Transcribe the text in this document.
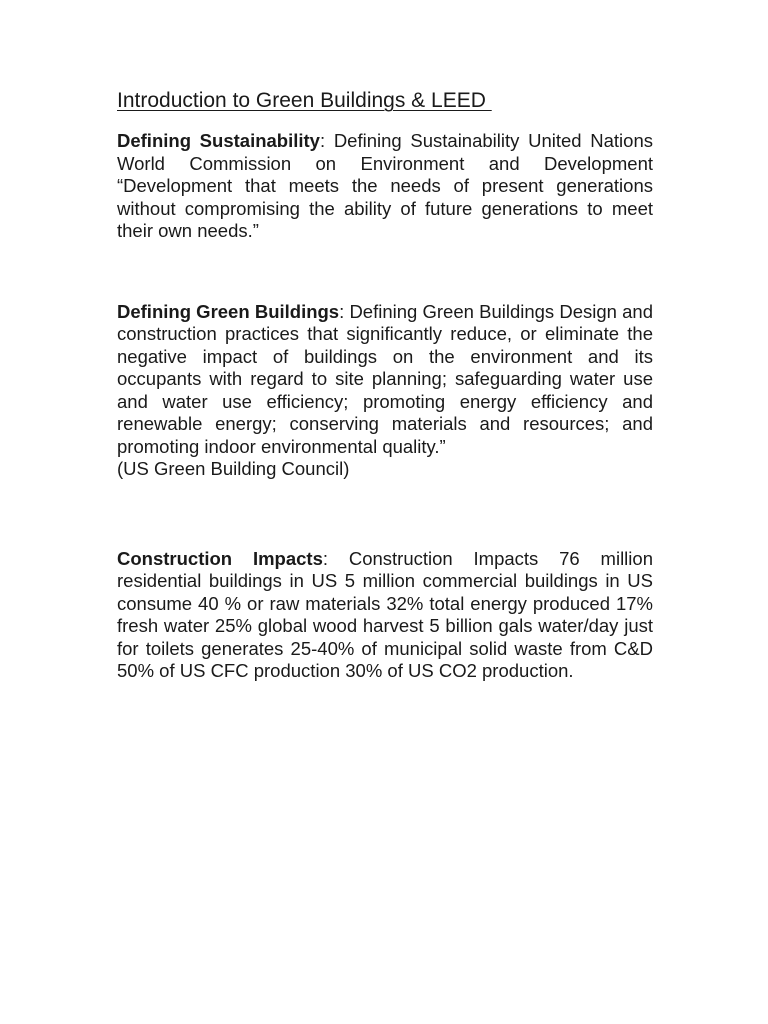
Introduction to Green Buildings & LEED

Defining Sustainability: Defining Sustainability United Nations World Commission on Environment and Development “Development that meets the needs of present generations without compromising the ability of future generations to meet their own needs.”

Defining Green Buildings: Defining Green Buildings Design and construction practices that significantly reduce, or eliminate the negative impact of buildings on the environment and its occupants with regard to site planning; safeguarding water use and water use efficiency; promoting energy efficiency and renewable energy; conserving materials and resources; and promoting indoor environmental quality.”

(US Green Building Council)

Construction Impacts: Construction Impacts 76 million residential buildings in US 5 million commercial buildings in US consume 40 % or raw materials 32% total energy produced 17% fresh water 25% global wood harvest 5 billion gals water/day just for toilets generates 25-40% of municipal solid waste from C&D 50% of US CFC production 30% of US CO2 production.
